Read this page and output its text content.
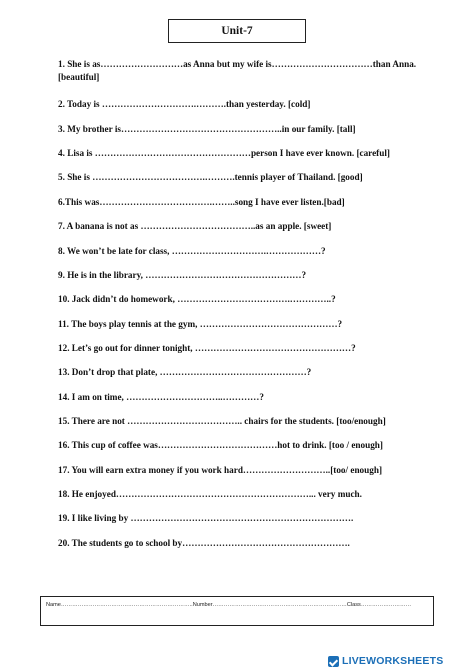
Unit-7
1. She is as………………………as Anna but my wife is……………………………than Anna.[beautiful]
2. Today is ………………………….……….than yesterday. [cold]
3. My brother is……………………………………………..in our family. [tall]
4. Lisa is ……………………………………………person I have ever known. [careful]
5. She is ……………………………….……….tennis player of Thailand. [good]
6.This was……………………………….……..song I have ever listen.[bad]
7. A banana is not as ………………………………..as an apple. [sweet]
8. We won’t be late for class, ………………………….………………?
9. He is in the library, ……………………………………………?
10. Jack didn’t do homework, ……………………………….…………..?
11. The boys play tennis at the gym, ………………………………………?
12. Let’s go out for dinner tonight, ……………………………………………?
13. Don’t drop that plate, …………………………………………?
14. I am on time, …………………………..…………?
15. There are not ……………………………….. chairs for the students. [too/enough]
16. This cup of coffee was…………………………………hot to drink. [too / enough]
17. You will earn extra money if you work hard………………………..[too/ enough]
18. He enjoyed………………………………………………………... very much.
19. I like living by ……………………………………………………………….
20. The students go to school by……………………………………………….
Name……………………………………………………………..Number………………………………………………………………Class………………………
LIVEWORKSHEETS
